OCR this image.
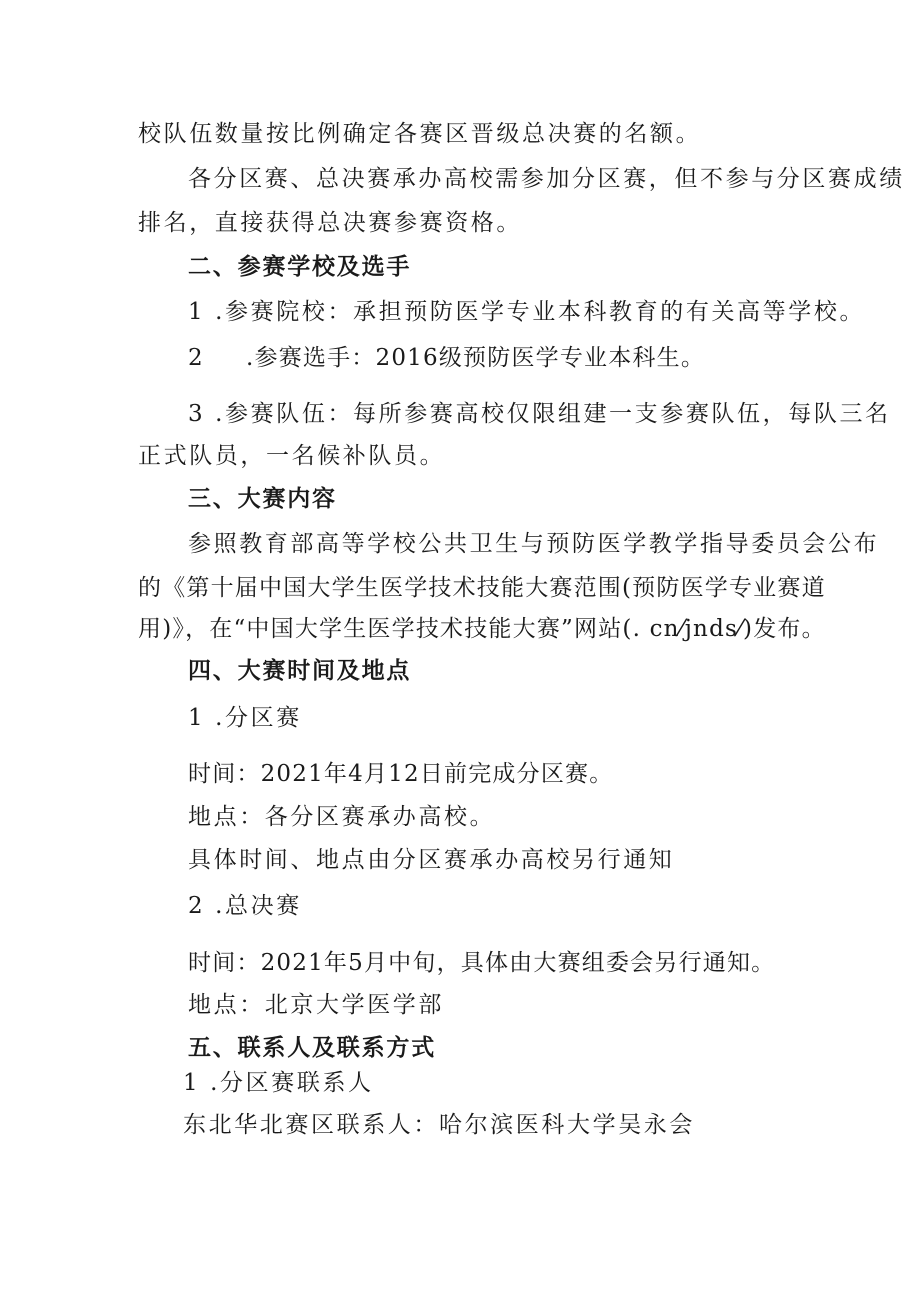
校队伍数量按比例确定各赛区晋级总决赛的名额。
各分区赛、总决赛承办高校需参加分区赛，但不参与分区赛成绩
排名，直接获得总决赛参赛资格。
二、参赛学校及选手
1 .参赛院校：承担预防医学专业本科教育的有关高等学校。
2 .参赛选手：2016级预防医学专业本科生。
3 .参赛队伍：每所参赛高校仅限组建一支参赛队伍，每队三名
正式队员，一名候补队员。
三、大赛内容
参照教育部高等学校公共卫生与预防医学教学指导委员会公布
的《第十届中国大学生医学技术技能大赛范围(预防医学专业赛道
用)》，在“中国大学生医学技术技能大赛”网站(. cn⁄jnds⁄)发布。
四、大赛时间及地点
1 .分区赛
时间：2021年4月12日前完成分区赛。
地点：各分区赛承办高校。
具体时间、地点由分区赛承办高校另行通知
2 .总决赛
时间：2021年5月中旬，具体由大赛组委会另行通知。
地点：北京大学医学部
五、联系人及联系方式
1 .分区赛联系人
东北华北赛区联系人：哈尔滨医科大学吴永会
